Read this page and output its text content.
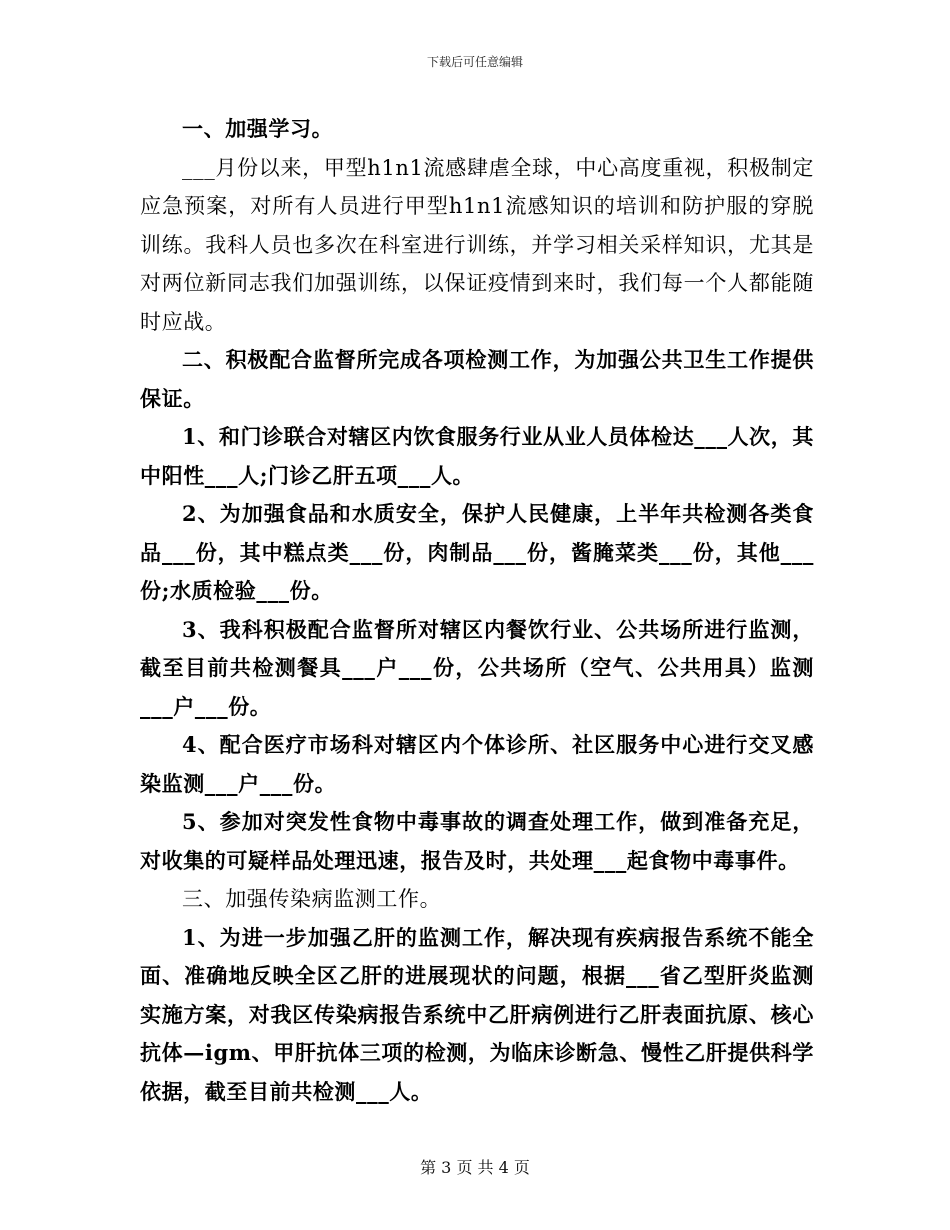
下载后可任意编辑

一、加强学习。

___月份以来，甲型h1n1流感肆虐全球，中心高度重视，积极制定应急预案，对所有人员进行甲型h1n1流感知识的培训和防护服的穿脱训练。我科人员也多次在科室进行训练，并学习相关采样知识，尤其是对两位新同志我们加强训练，以保证疫情到来时，我们每一个人都能随时应战。

二、积极配合监督所完成各项检测工作，为加强公共卫生工作提供保证。

1、和门诊联合对辖区内饮食服务行业从业人员体检达___人次，其中阳性___人;门诊乙肝五项___人。

2、为加强食品和水质安全，保护人民健康，上半年共检测各类食品___份，其中糕点类___份，肉制品___份，酱腌菜类___份，其他___份;水质检验___份。

3、我科积极配合监督所对辖区内餐饮行业、公共场所进行监测，截至目前共检测餐具___户___份，公共场所（空气、公共用具）监测___户___份。

4、配合医疗市场科对辖区内个体诊所、社区服务中心进行交叉感染监测___户___份。

5、参加对突发性食物中毒事故的调查处理工作，做到准备充足，对收集的可疑样品处理迅速，报告及时，共处理___起食物中毒事件。

三、加强传染病监测工作。

1、为进一步加强乙肝的监测工作，解决现有疾病报告系统不能全面、准确地反映全区乙肝的进展现状的问题，根据___省乙型肝炎监测实施方案，对我区传染病报告系统中乙肝病例进行乙肝表面抗原、核心抗体—igm、甲肝抗体三项的检测，为临床诊断急、慢性乙肝提供科学依据，截至目前共检测___人。

第 3 页 共 4 页
